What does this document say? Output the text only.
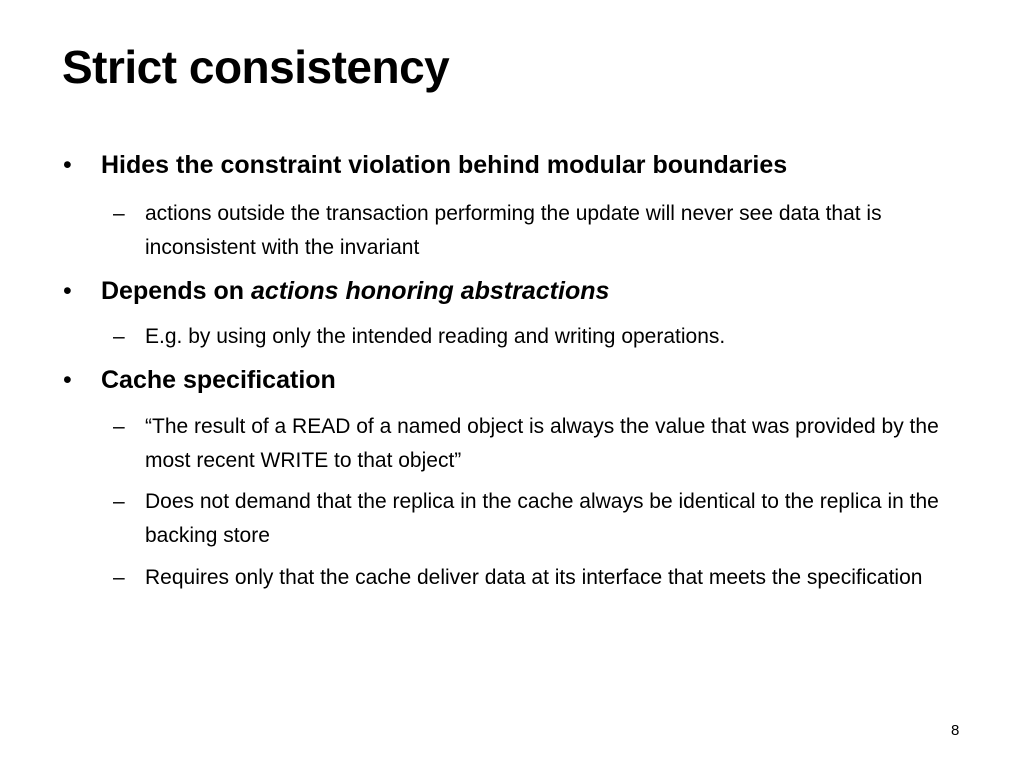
Strict consistency
• Hides the constraint violation behind modular boundaries
– actions outside the transaction performing the update will never see data that is inconsistent with the invariant
• Depends on actions honoring abstractions
– E.g. by using only the intended reading and writing operations.
• Cache specification
– “The result of a READ of a named object is always the value that was provided by the most recent WRITE to that object”
– Does not demand that the replica in the cache always be identical to the replica in the backing store
– Requires only that the cache deliver data at its interface that meets the specification
8
